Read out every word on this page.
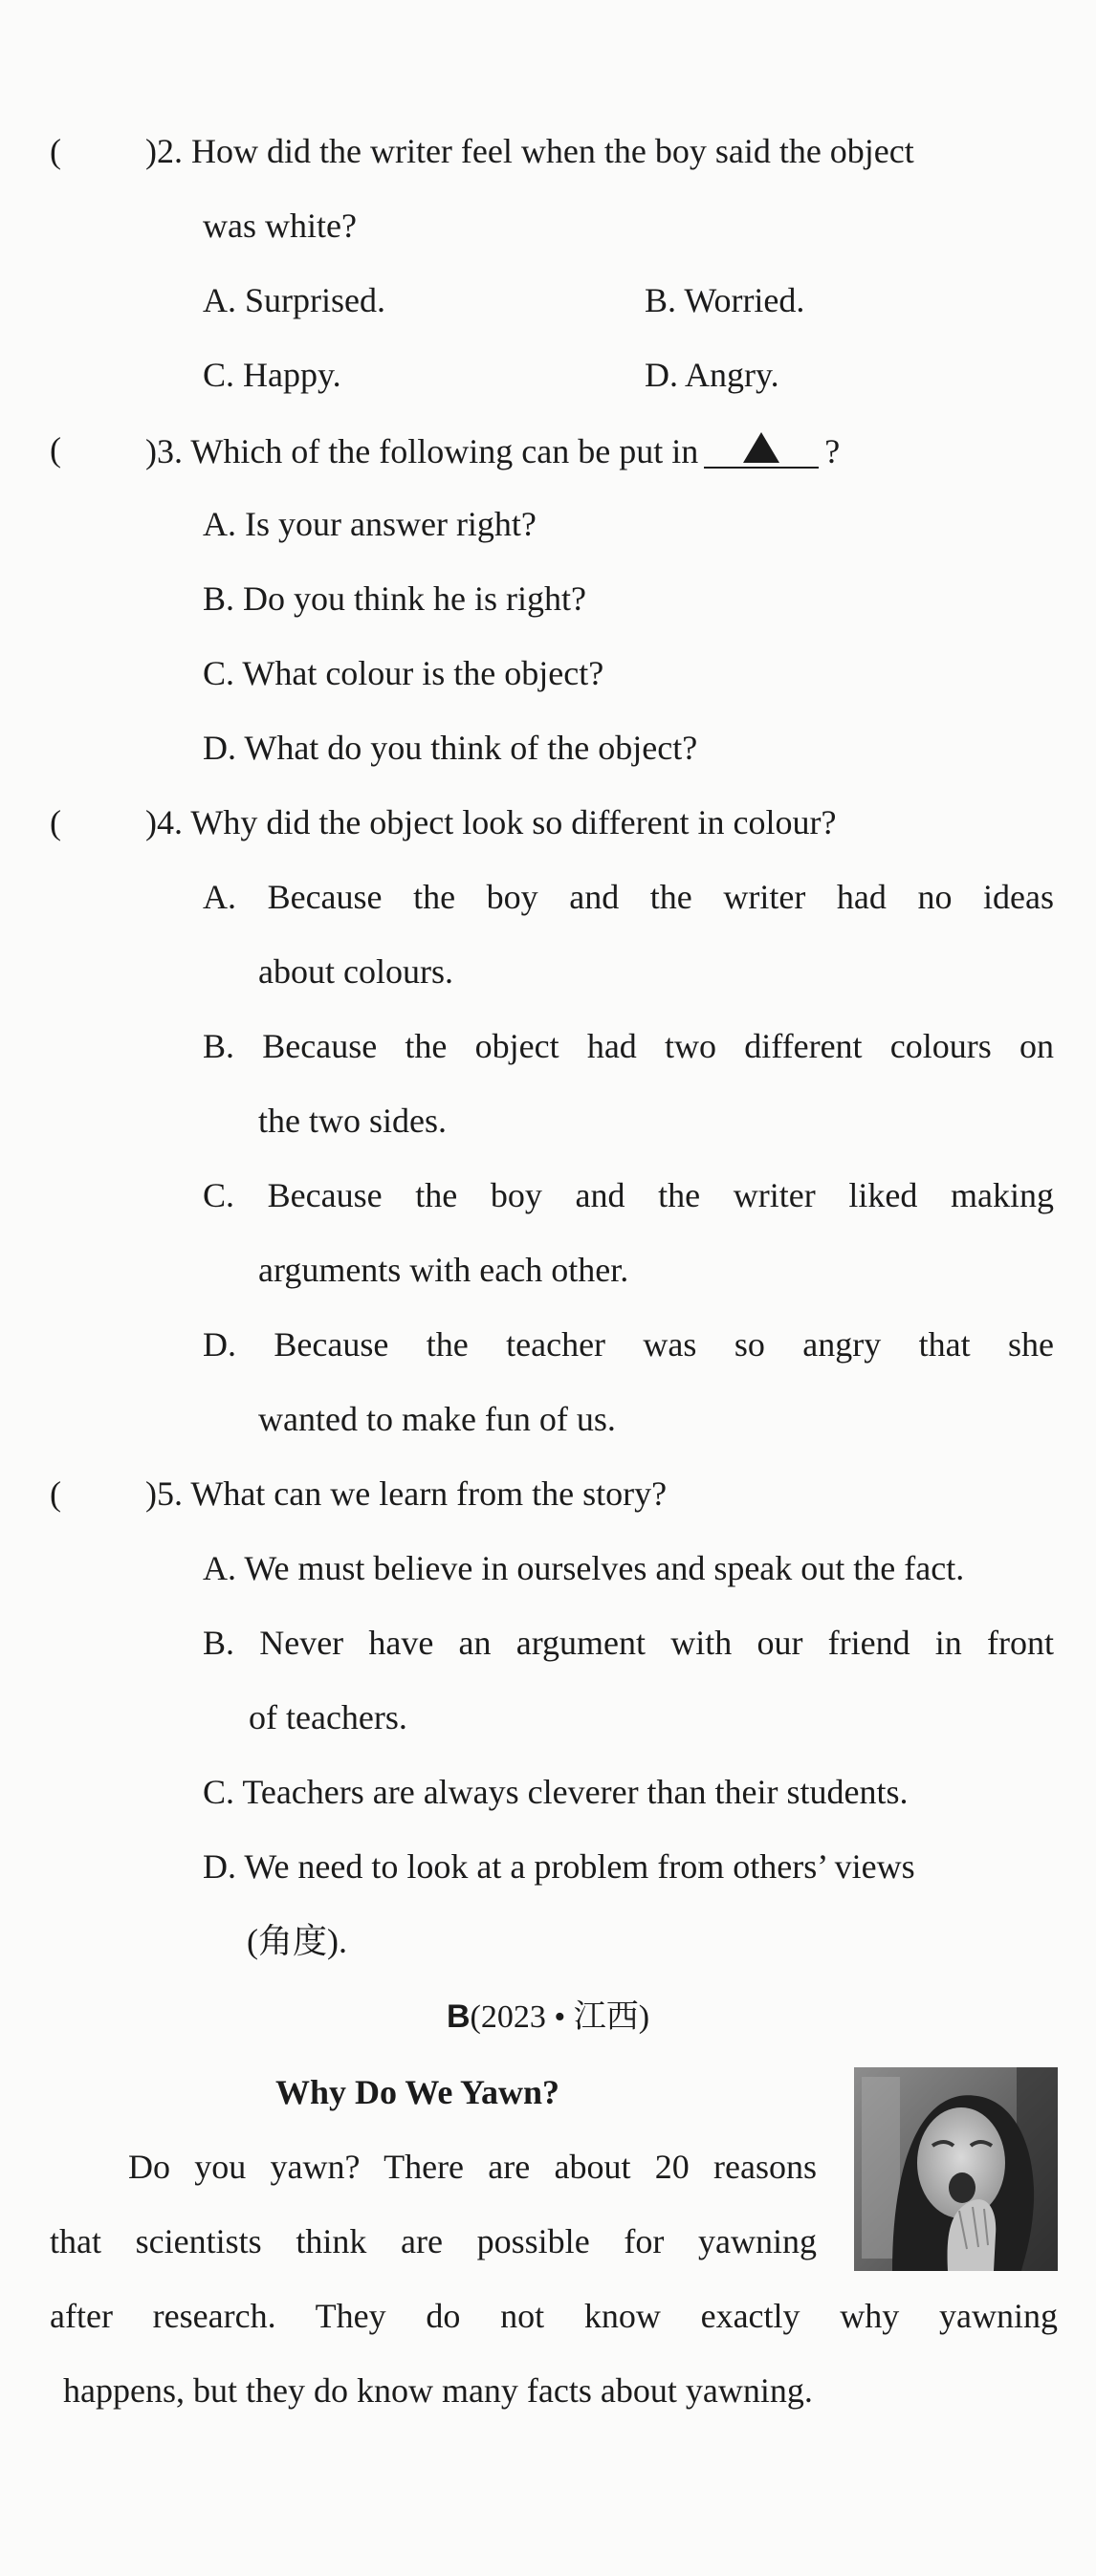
( )2. How did the writer feel when the boy said the object
was white?
A. Surprised.	B. Worried.
C. Happy.	D. Angry.
( )3. Which of the following can be put in	?
A. Is your answer right?
B. Do you think he is right?
C. What colour is the object?
D. What do you think of the object?
( )4. Why did the object look so different in colour?
A. Because the boy and the writer had no ideas
about colours.
B. Because the object had two different colours on
the two sides.
C. Because the boy and the writer liked making
arguments with each other.
D. Because the teacher was so angry that she
wanted to make fun of us.
( )5. What can we learn from the story?
A. We must believe in ourselves and speak out the fact.
B. Never have an argument with our friend in front
of teachers.
C. Teachers are always cleverer than their students.
D. We need to look at a problem from others’ views
(角度).
B(2023 • 江西)
Why Do We Yawn?
Do you yawn? There are about 20 reasons
that scientists think are possible for yawning
after research. They do not know exactly why yawning
happens, but they do know many facts about yawning.
